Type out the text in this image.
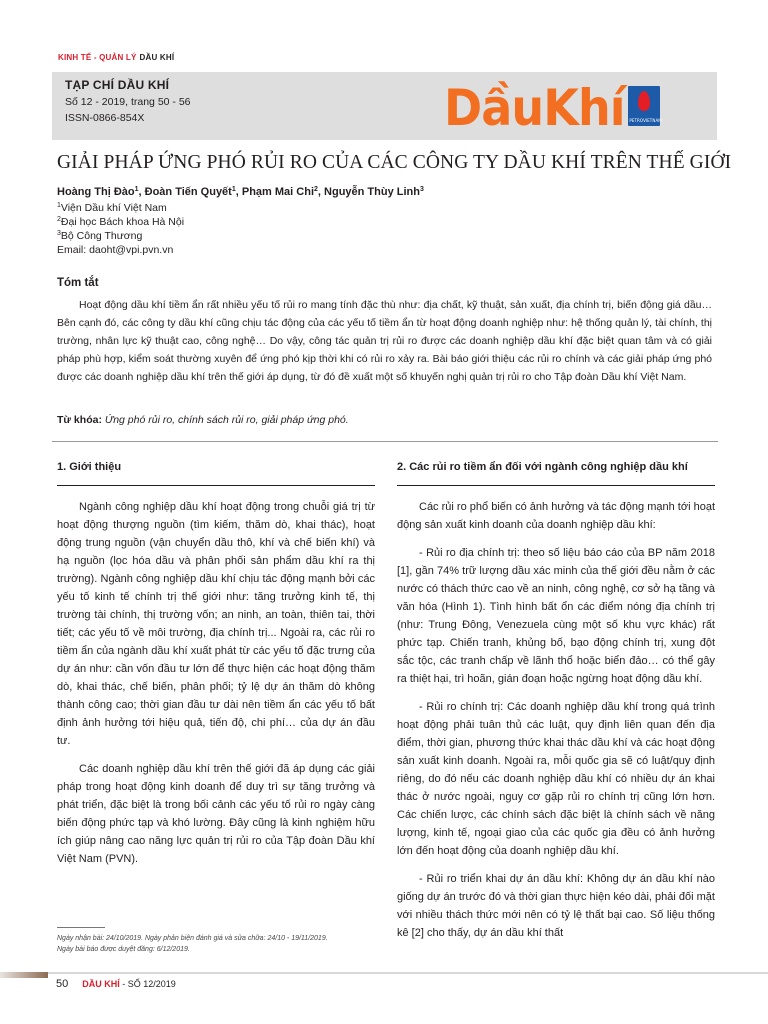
KINH TẾ - QUẢN LÝ DẦU KHÍ
TẠP CHÍ DẦU KHÍ
Số 12 - 2019, trang 50 - 56
ISSN-0866-854X	DầuKhí PETROVIETNAM
GIẢI PHÁP ỨNG PHÓ RỦI RO CỦA CÁC CÔNG TY DẦU KHÍ TRÊN THẾ GIỚI
Hoàng Thị Đào$^1$, Đoàn Tiến Quyết$^1$, Phạm Mai Chi$^2$, Nguyễn Thùy Linh$^3$
$^1$Viện Dầu khí Việt Nam
$^2$Đại học Bách khoa Hà Nội
$^3$Bộ Công Thương
Email: daoht@vpi.pvn.vn
Tóm tắt

Hoạt động dầu khí tiềm ẩn rất nhiều yếu tố rủi ro mang tính đặc thù như: địa chất, kỹ thuật, sản xuất, địa chính trị, biến động giá dầu… Bên cạnh đó, các công ty dầu khí cũng chịu tác động của các yếu tố tiềm ẩn từ hoạt động doanh nghiệp như: hệ thống quản lý, tài chính, thị trường, nhân lực kỹ thuật cao, công nghệ… Do vậy, công tác quản trị rủi ro được các doanh nghiệp dầu khí đặc biệt quan tâm và có giải pháp phù hợp, kiểm soát thường xuyên để ứng phó kịp thời khi có rủi ro xảy ra. Bài báo giới thiệu các rủi ro chính và các giải pháp ứng phó được các doanh nghiệp dầu khí trên thế giới áp dụng, từ đó đề xuất một số khuyến nghị quản trị rủi ro cho Tập đoàn Dầu khí Việt Nam.

Từ khóa: Ứng phó rủi ro, chính sách rủi ro, giải pháp ứng phó.
1. Giới thiệu

Ngành công nghiệp dầu khí hoạt động trong chuỗi giá trị từ hoạt động thượng nguồn (tìm kiếm, thăm dò, khai thác), hoạt động trung nguồn (vận chuyển dầu thô, khí và chế biến khí) và hạ nguồn (lọc hóa dầu và phân phối sản phẩm dầu khí ra thị trường). Ngành công nghiệp dầu khí chịu tác động mạnh bởi các yếu tố kinh tế chính trị thế giới như: tăng trưởng kinh tế, thị trường tài chính, thị trường vốn; an ninh, an toàn, thiên tai, thời tiết; các yếu tố về môi trường, địa chính trị... Ngoài ra, các rủi ro tiềm ẩn của ngành dầu khí xuất phát từ các yếu tố đặc trưng của dự án như: cần vốn đầu tư lớn để thực hiện các hoạt động thăm dò, khai thác, chế biến, phân phối; tỷ lệ dự án thăm dò không thành công cao; thời gian đầu tư dài nên tiềm ẩn các yếu tố bất định ảnh hưởng tới hiệu quả, tiến độ, chi phí… của dự án đầu tư.

Các doanh nghiệp dầu khí trên thế giới đã áp dụng các giải pháp trong hoạt động kinh doanh để duy trì sự tăng trưởng và phát triển, đặc biệt là trong bối cảnh các yếu tố rủi ro ngày càng biến động phức tạp và khó lường. Đây cũng là kinh nghiệm hữu ích giúp nâng cao năng lực quản trị rủi ro của Tập đoàn Dầu khí Việt Nam (PVN).

2. Các rủi ro tiềm ẩn đối với ngành công nghiệp dầu khí

Các rủi ro phổ biến có ảnh hưởng và tác động mạnh tới hoạt động sản xuất kinh doanh của doanh nghiệp dầu khí:

- Rủi ro địa chính trị: theo số liệu báo cáo của BP năm 2018 [1], gần 74% trữ lượng dầu xác minh của thế giới đều nằm ở các nước có thách thức cao về an ninh, công nghệ, cơ sở hạ tầng và văn hóa (Hình 1). Tình hình bất ổn các điểm nóng địa chính trị (như: Trung Đông, Venezuela cùng một số khu vực khác) rất phức tạp. Chiến tranh, khủng bố, bạo động chính trị, xung đột sắc tộc, các tranh chấp về lãnh thổ hoặc biển đảo… có thể gây ra thiệt hại, trì hoãn, gián đoạn hoặc ngừng hoạt động dầu khí.

- Rủi ro chính trị: Các doanh nghiệp dầu khí trong quá trình hoạt động phải tuân thủ các luật, quy định liên quan đến địa điểm, thời gian, phương thức khai thác dầu khí và các hoạt động sản xuất kinh doanh. Ngoài ra, mỗi quốc gia sẽ có luật/quy định riêng, do đó nếu các doanh nghiệp dầu khí có nhiều dự án khai thác ở nước ngoài, nguy cơ gặp rủi ro chính trị cũng lớn hơn. Các chiến lược, các chính sách đặc biệt là chính sách về năng lượng, kinh tế, ngoại giao của các quốc gia đều có ảnh hưởng lớn đến hoạt động của doanh nghiệp dầu khí.

- Rủi ro triển khai dự án dầu khí: Không dự án dầu khí nào giống dự án trước đó và thời gian thực hiện kéo dài, phải đối mặt với nhiều thách thức mới nên có tỷ lệ thất bại cao. Số liệu thống kê [2] cho thấy, dự án dầu khí thất

Ngày nhận bài: 24/10/2019. Ngày phản biện đánh giá và sửa chữa: 24/10 - 19/11/2019.
Ngày bài báo được duyệt đăng: 6/12/2019.
50 DẦU KHÍ - SỐ 12/2019
